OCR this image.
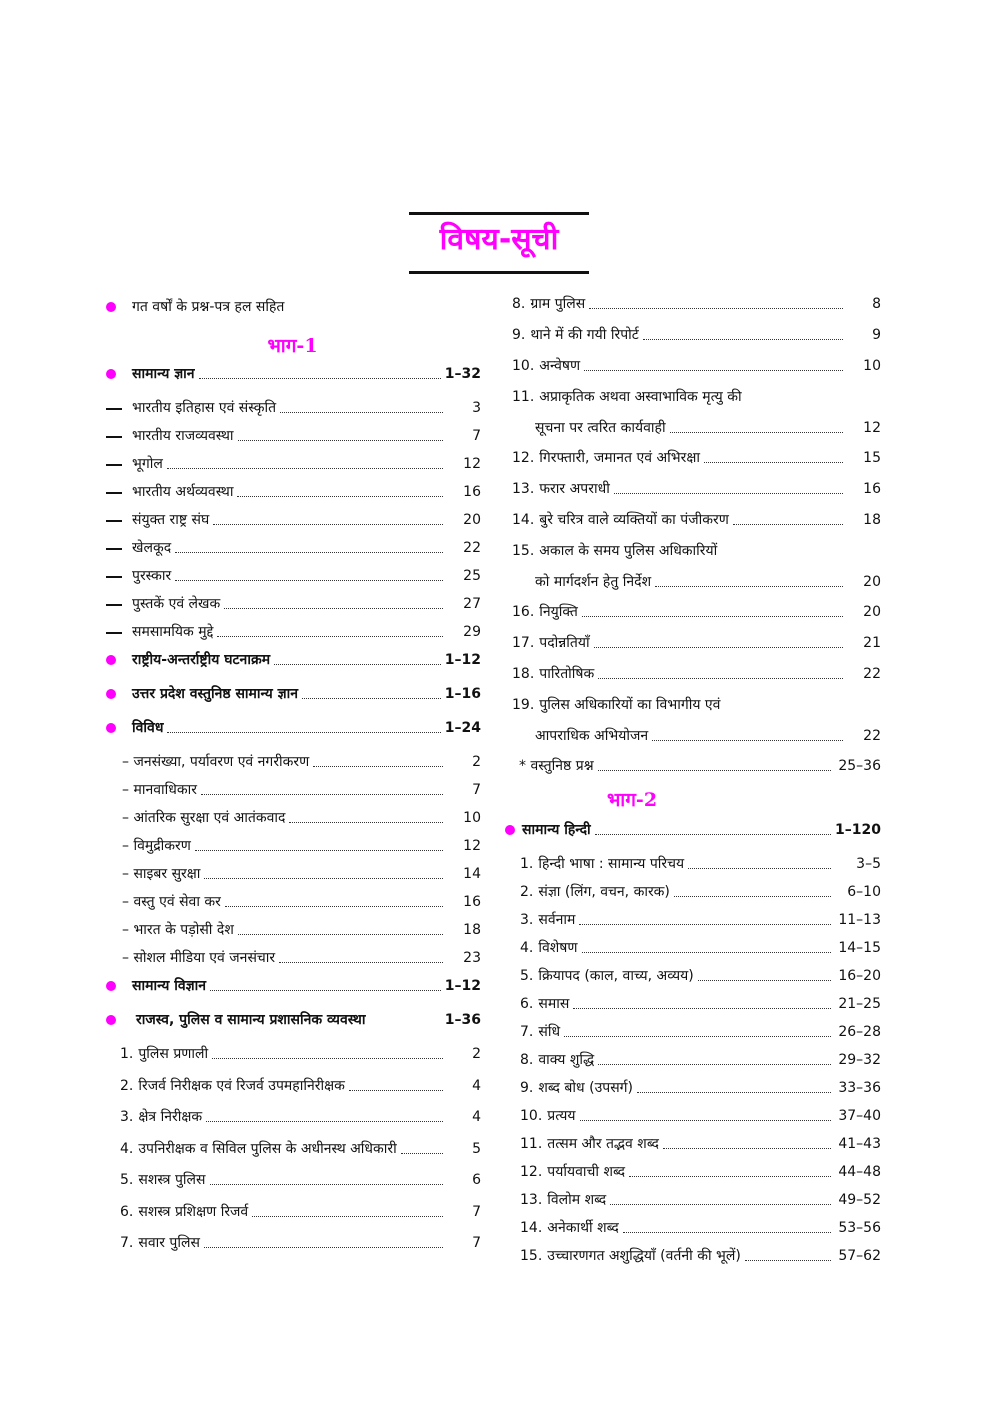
विषय-सूची
गत वर्षों के प्रश्न-पत्र हल सहित
भाग-1
सामान्य ज्ञान	1–32
भारतीय इतिहास एवं संस्कृति	3
भारतीय राजव्यवस्था	7
भूगोल	12
भारतीय अर्थव्यवस्था	16
संयुक्त राष्ट्र संघ	20
खेलकूद	22
पुरस्कार	25
पुस्तकें एवं लेखक	27
समसामयिक मुद्दे	29
राष्ट्रीय-अन्तर्राष्ट्रीय घटनाक्रम	1–12
उत्तर प्रदेश वस्तुनिष्ठ सामान्य ज्ञान	1–16
विविध	1–24
– जनसंख्या, पर्यावरण एवं नगरीकरण	2
– मानवाधिकार	7
– आंतरिक सुरक्षा एवं आतंकवाद	10
– विमुद्रीकरण	12
– साइबर सुरक्षा	14
– वस्तु एवं सेवा कर	16
– भारत के पड़ोसी देश	18
– सोशल मीडिया एवं जनसंचार	23
सामान्य विज्ञान	1–12
राजस्व, पुलिस व सामान्य प्रशासनिक व्यवस्था	1–36
1. पुलिस प्रणाली	2
2. रिजर्व निरीक्षक एवं रिजर्व उपमहानिरीक्षक	4
3. क्षेत्र निरीक्षक	4
4. उपनिरीक्षक व सिविल पुलिस के अधीनस्थ अधिकारी	5
5. सशस्त्र पुलिस	6
6. सशस्त्र प्रशिक्षण रिजर्व	7
7. सवार पुलिस	7
8. ग्राम पुलिस	8
9. थाने में की गयी रिपोर्ट	9
10. अन्वेषण	10
11. अप्राकृतिक अथवा अस्वाभाविक मृत्यु की
सूचना पर त्वरित कार्यवाही	12
12. गिरफ्तारी, जमानत एवं अभिरक्षा	15
13. फरार अपराधी	16
14. बुरे चरित्र वाले व्यक्तियों का पंजीकरण	18
15. अकाल के समय पुलिस अधिकारियों
को मार्गदर्शन हेतु निर्देश	20
16. नियुक्ति	20
17. पदोन्नतियाँ	21
18. पारितोषिक	22
19. पुलिस अधिकारियों का विभागीय एवं
आपराधिक अभियोजन	22
* वस्तुनिष्ठ प्रश्न	25–36
भाग-2
सामान्य हिन्दी	1–120
1. हिन्दी भाषा : सामान्य परिचय	3–5
2. संज्ञा (लिंग, वचन, कारक)	6–10
3. सर्वनाम	11–13
4. विशेषण	14–15
5. क्रियापद (काल, वाच्य, अव्यय)	16–20
6. समास	21–25
7. संधि	26–28
8. वाक्य शुद्धि	29–32
9. शब्द बोध (उपसर्ग)	33–36
10. प्रत्यय	37–40
11. तत्सम और तद्भव शब्द	41–43
12. पर्यायवाची शब्द	44–48
13. विलोम शब्द	49–52
14. अनेकार्थी शब्द	53–56
15. उच्चारणगत अशुद्धियाँ (वर्तनी की भूलें)	57–62
